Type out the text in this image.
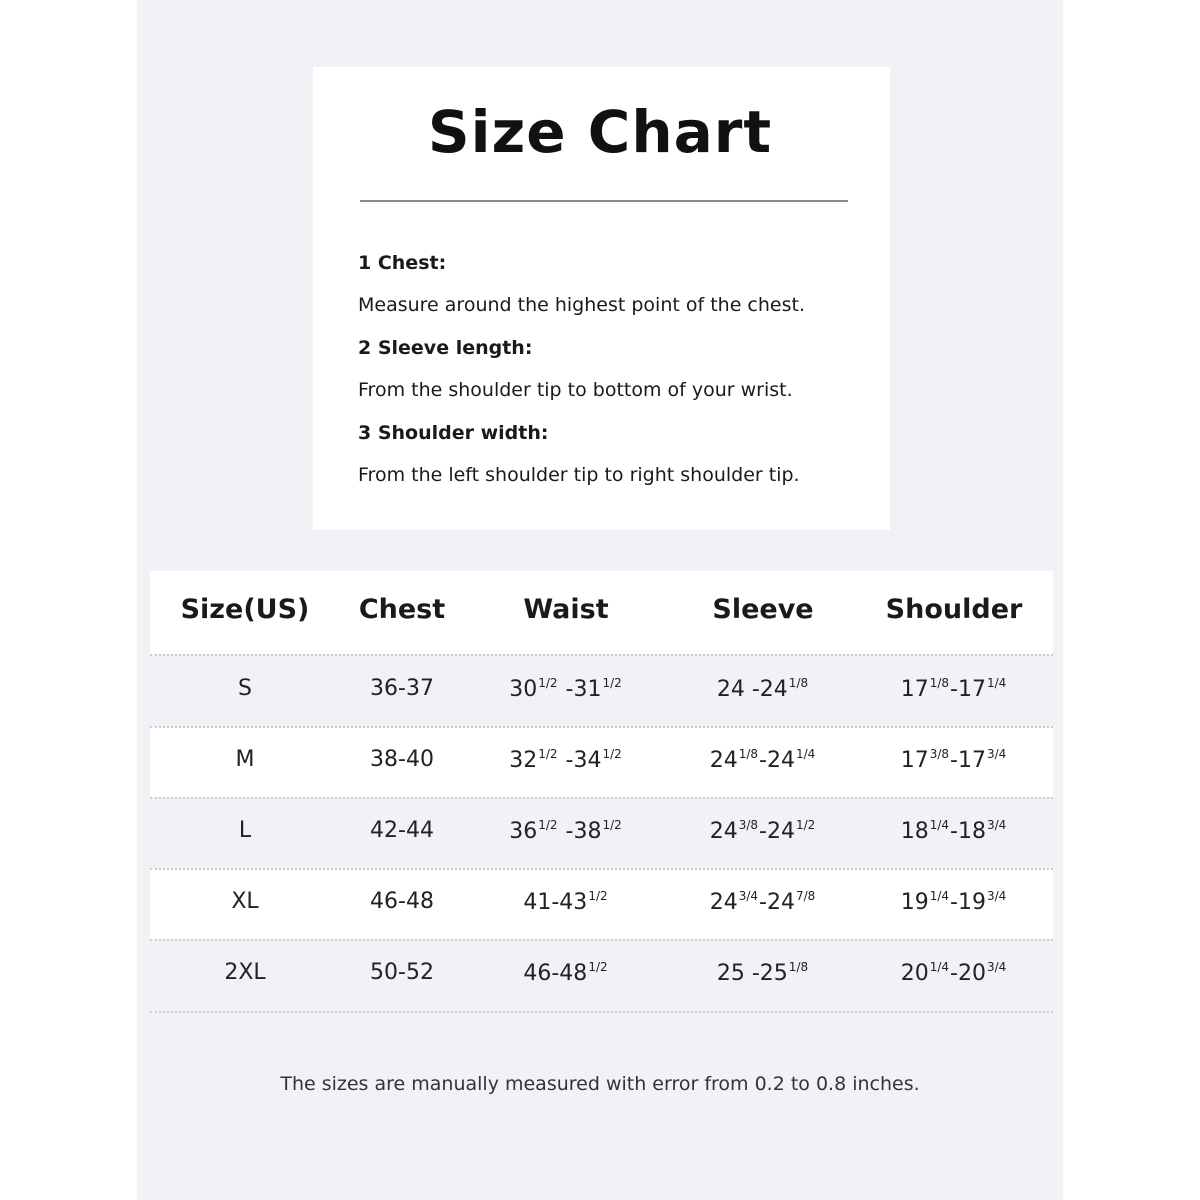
Size Chart
1 Chest:
Measure around the highest point of the chest.
2 Sleeve length:
From the shoulder tip to bottom of your wrist.
3 Shoulder width:
From the left shoulder tip to right shoulder tip.
Size(US) Chest	Waist	Sleeve	Shoulder
S	36-37	$30^{1/2}$ $-31^{1/2}$	24 $-24^{1/8}$	$17^{1/8}-17^{1/4}$
M	38-40	$32^{1/2}$ $-34^{1/2}$	$24^{1/8}-24^{1/4}$	$17^{3/8}-17^{3/4}$
L	42-44	$36^{1/2}$ $-38^{1/2}$	$24^{3/8}-24^{1/2}$	$18^{1/4}-18^{3/4}$
XL	46-48	$41-43^{1/2}$	$24^{3/4}-24^{7/8}$	$19^{1/4}-19^{3/4}$
2XL	50-52	$46-48^{1/2}$	25 $-25^{1/8}$	$20^{1/4}-20^{3/4}$
The sizes are manually measured with error from 0.2 to 0.8 inches.
